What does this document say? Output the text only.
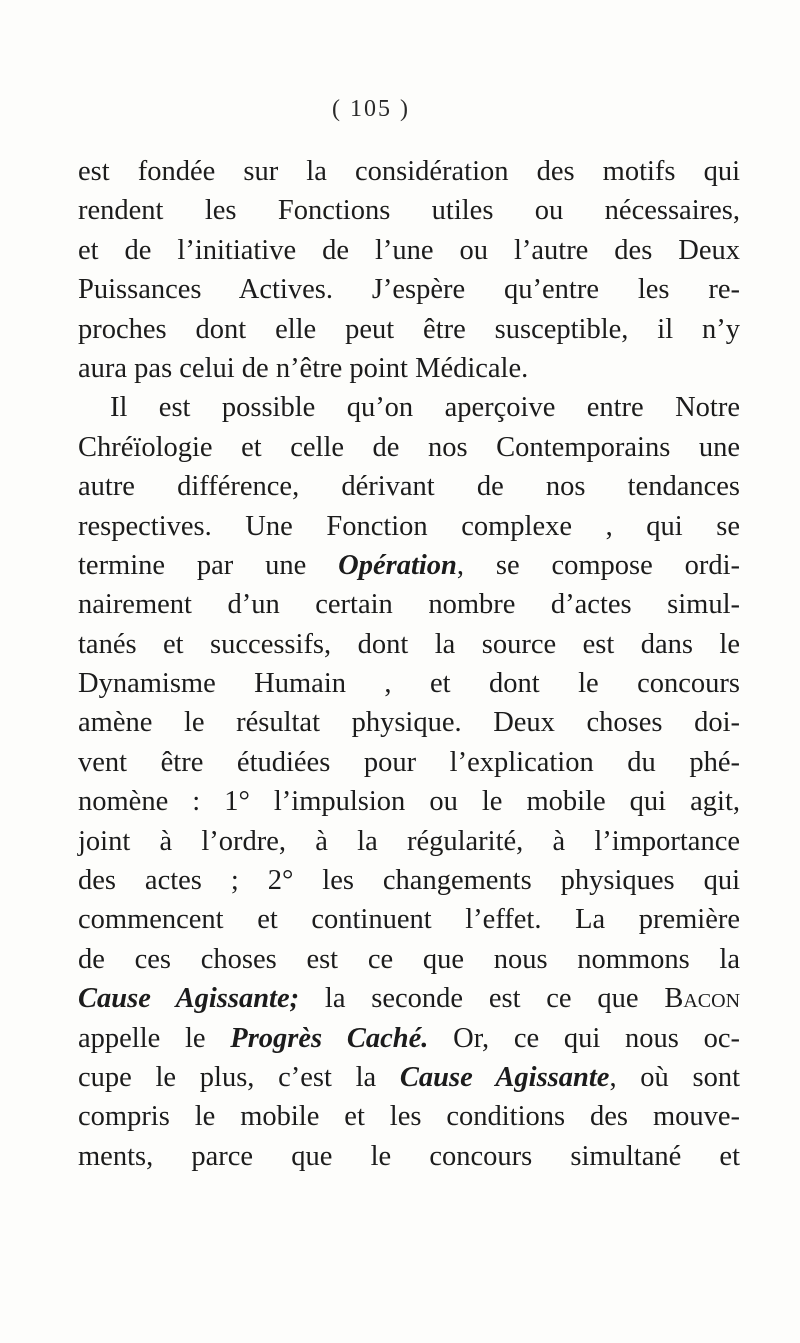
( 105 )
est fondée sur la considération des motifs qui
rendent les Fonctions utiles ou nécessaires,
et de l’initiative de l’une ou l’autre des Deux
Puissances Actives. J’espère qu’entre les re-
proches dont elle peut être susceptible, il n’y
aura pas celui de n’être point Médicale.
Il est possible qu’on aperçoive entre Notre
Chréïologie et celle de nos Contemporains une
autre différence, dérivant de nos tendances
respectives. Une Fonction complexe , qui se
termine par une Opération, se compose ordi-
nairement d’un certain nombre d’actes simul-
tanés et successifs, dont la source est dans le
Dynamisme Humain , et dont le concours
amène le résultat physique. Deux choses doi-
vent être étudiées pour l’explication du phé-
nomène : 1° l’impulsion ou le mobile qui agit,
joint à l’ordre, à la régularité, à l’importance
des actes ; 2° les changements physiques qui
commencent et continuent l’effet. La première
de ces choses est ce que nous nommons la
Cause Agissante; la seconde est ce que Bacon
appelle le Progrès Caché. Or, ce qui nous oc-
cupe le plus, c’est la Cause Agissante, où sont
compris le mobile et les conditions des mouve-
ments, parce que le concours simultané et
